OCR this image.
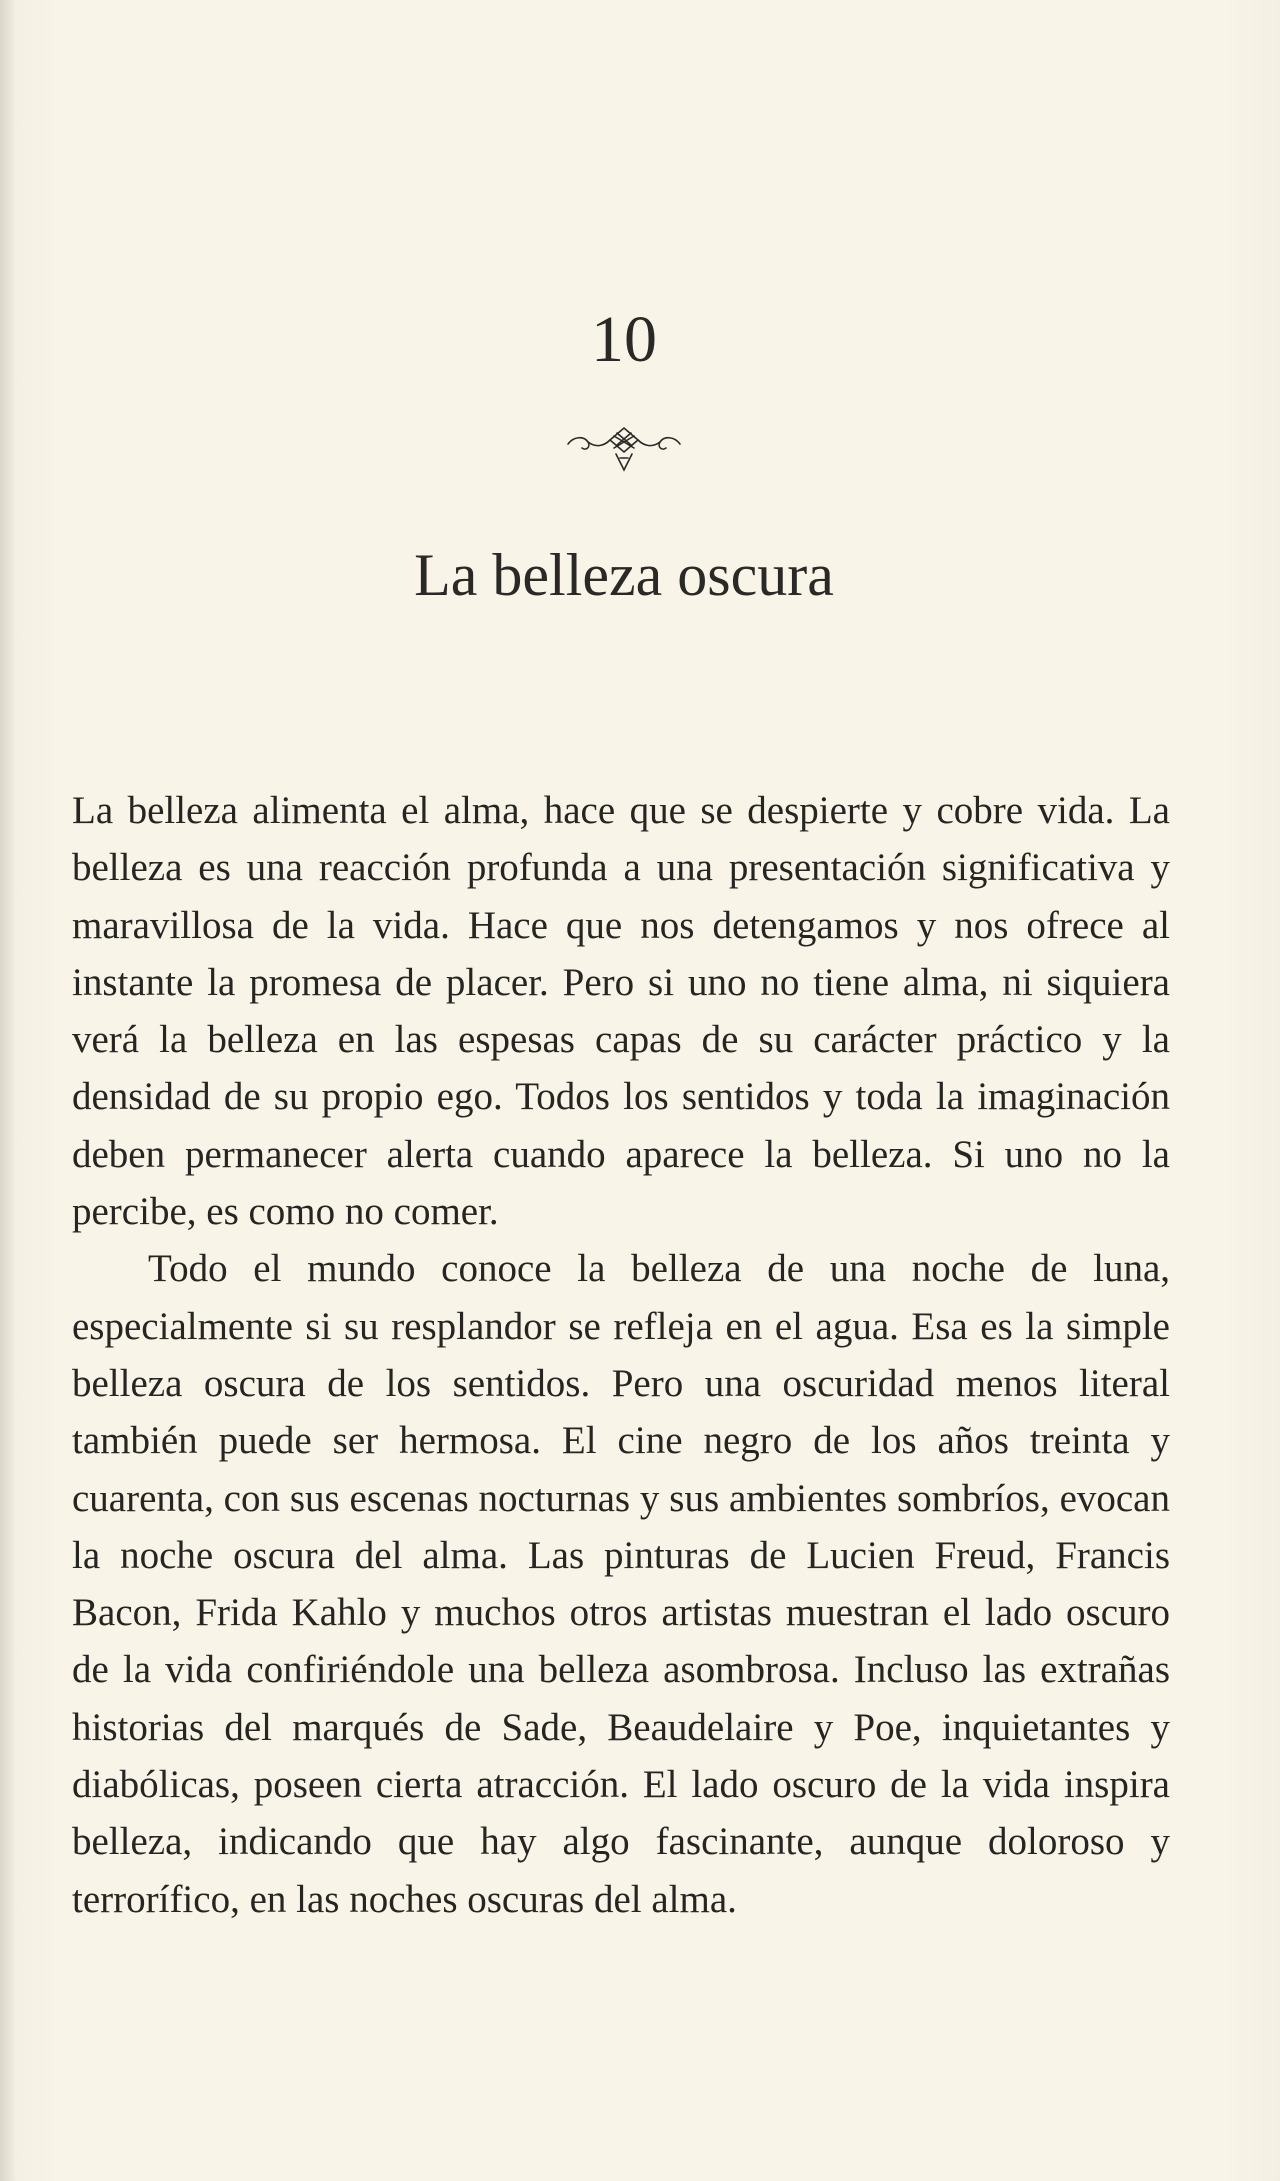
10
La belleza oscura

La belleza alimenta el alma, hace que se despierte y cobre vida. La belleza es una reacción profunda a una presentación significativa y maravillosa de la vida. Hace que nos detengamos y nos ofrece al instante la promesa de placer. Pero si uno no tiene alma, ni siquiera verá la belleza en las espesas capas de su carácter práctico y la densidad de su propio ego. Todos los sentidos y toda la imaginación deben permanecer alerta cuando aparece la belleza. Si uno no la percibe, es como no comer.

Todo el mundo conoce la belleza de una noche de luna, especialmente si su resplandor se refleja en el agua. Esa es la simple belleza oscura de los sentidos. Pero una oscuridad menos literal también puede ser hermosa. El cine negro de los años treinta y cuarenta, con sus escenas nocturnas y sus ambientes sombríos, evocan la noche oscura del alma. Las pinturas de Lucien Freud, Francis Bacon, Frida Kahlo y muchos otros artistas muestran el lado oscuro de la vida confiriéndole una belleza asombrosa. Incluso las extrañas historias del marqués de Sade, Beaudelaire y Poe, inquietantes y diabólicas, poseen cierta atracción. El lado oscuro de la vida inspira belleza, indicando que hay algo fascinante, aunque doloroso y terrorífico, en las noches oscuras del alma.
